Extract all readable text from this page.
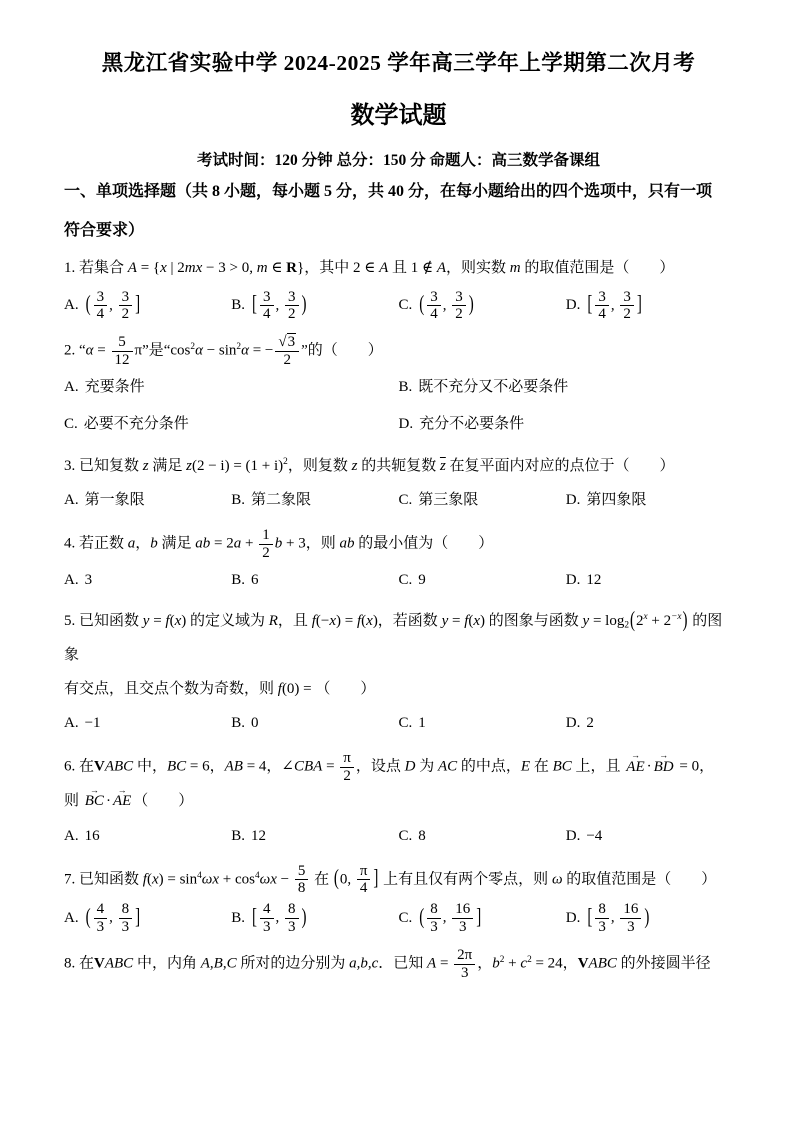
黑龙江省实验中学 2024-2025 学年高三学年上学期第二次月考
数学试题
考试时间：120 分钟 总分：150 分 命题人：高三数学备课组
一、单项选择题（共 8 小题，每小题 5 分，共 40 分，在每小题给出的四个选项中，只有一项
符合要求）
1. 若集合 A = {x | 2mx − 3 > 0, m ∈ R}，其中 2 ∈ A 且 1 ∉ A，则实数 m 的取值范围是（　　）
A. ( $\frac{3}{4}$ , $\frac{3}{2}$ ]	B. [ $\frac{3}{4}$ , $\frac{3}{2}$ )	C. ( $\frac{3}{4}$ , $\frac{3}{2}$ )	D. [ $\frac{3}{4}$ , $\frac{3}{2}$ ]
2. “$\alpha = \frac{5}{12} \pi$”是“$\cos^2\alpha - \sin^2\alpha$ = − $\frac{√3}{2}$ ”的（　　）
A. 充要条件	B. 既不充分又不必要条件
C. 必要不充分条件	D. 充分不必要条件
3. 已知复数 z 满足 $z(2 - i) = (1 + i)^2$，则复数 z 的共轭复数 $\overline{z}$ 在复平面内对应的点位于（　　）
A. 第一象限	B. 第二象限	C. 第三象限	D. 第四象限
4. 若正数 a，b 满足 ab = $2a + \frac{1}{2}$ b + 3，则 ab 的最小值为（　　）
A. 3	B. 6	C. 9	D. 12
5. 已知函数 y = f(x) 的定义域为 R，且 f(−x) = f(x)，若函数 y = f(x) 的图象与函数 $y = \log 2(2^x + 2^{-x})$ 的图象
有交点，且交点个数为奇数，则 f(0) = （　　）
A. −1	B. 0	C. 1	D. 2
6. 在VABC 中，BC = 6，AB = 4，∠CBA = $\frac{\pi}{2}$ ，设点 D 为 AC 的中点，E 在 BC 上，且 AE → · BD → = 0，
则 BC → · AE → （　　）
A. 16	B. 12	C. 8	D. −4
7. 已知函数 $f(x) = \sin^4\omega x + \cos^4\omega x - \frac{5}{8}$ 在 (0, $\frac{\pi}{4}$ ] 上有且仅有两个零点，则 ω 的取值范围是（　　）
A. ( $\frac{4}{3}$ , $\frac{8}{3}$ ]	B. [ $\frac{4}{3}$ , $\frac{8}{3}$ )	C. ( $\frac{8}{3}$ , $\frac{16}{3}$ ]	D. [ $\frac{8}{3}$ , $\frac{16}{3}$ )
8. 在VABC 中，内角 A,B,C 所对的边分别为 a,b,c．已知 $A = \frac{2\pi}{3}$ ，$b^2 + c^2 = 24$，VABC 的外接圆半径
